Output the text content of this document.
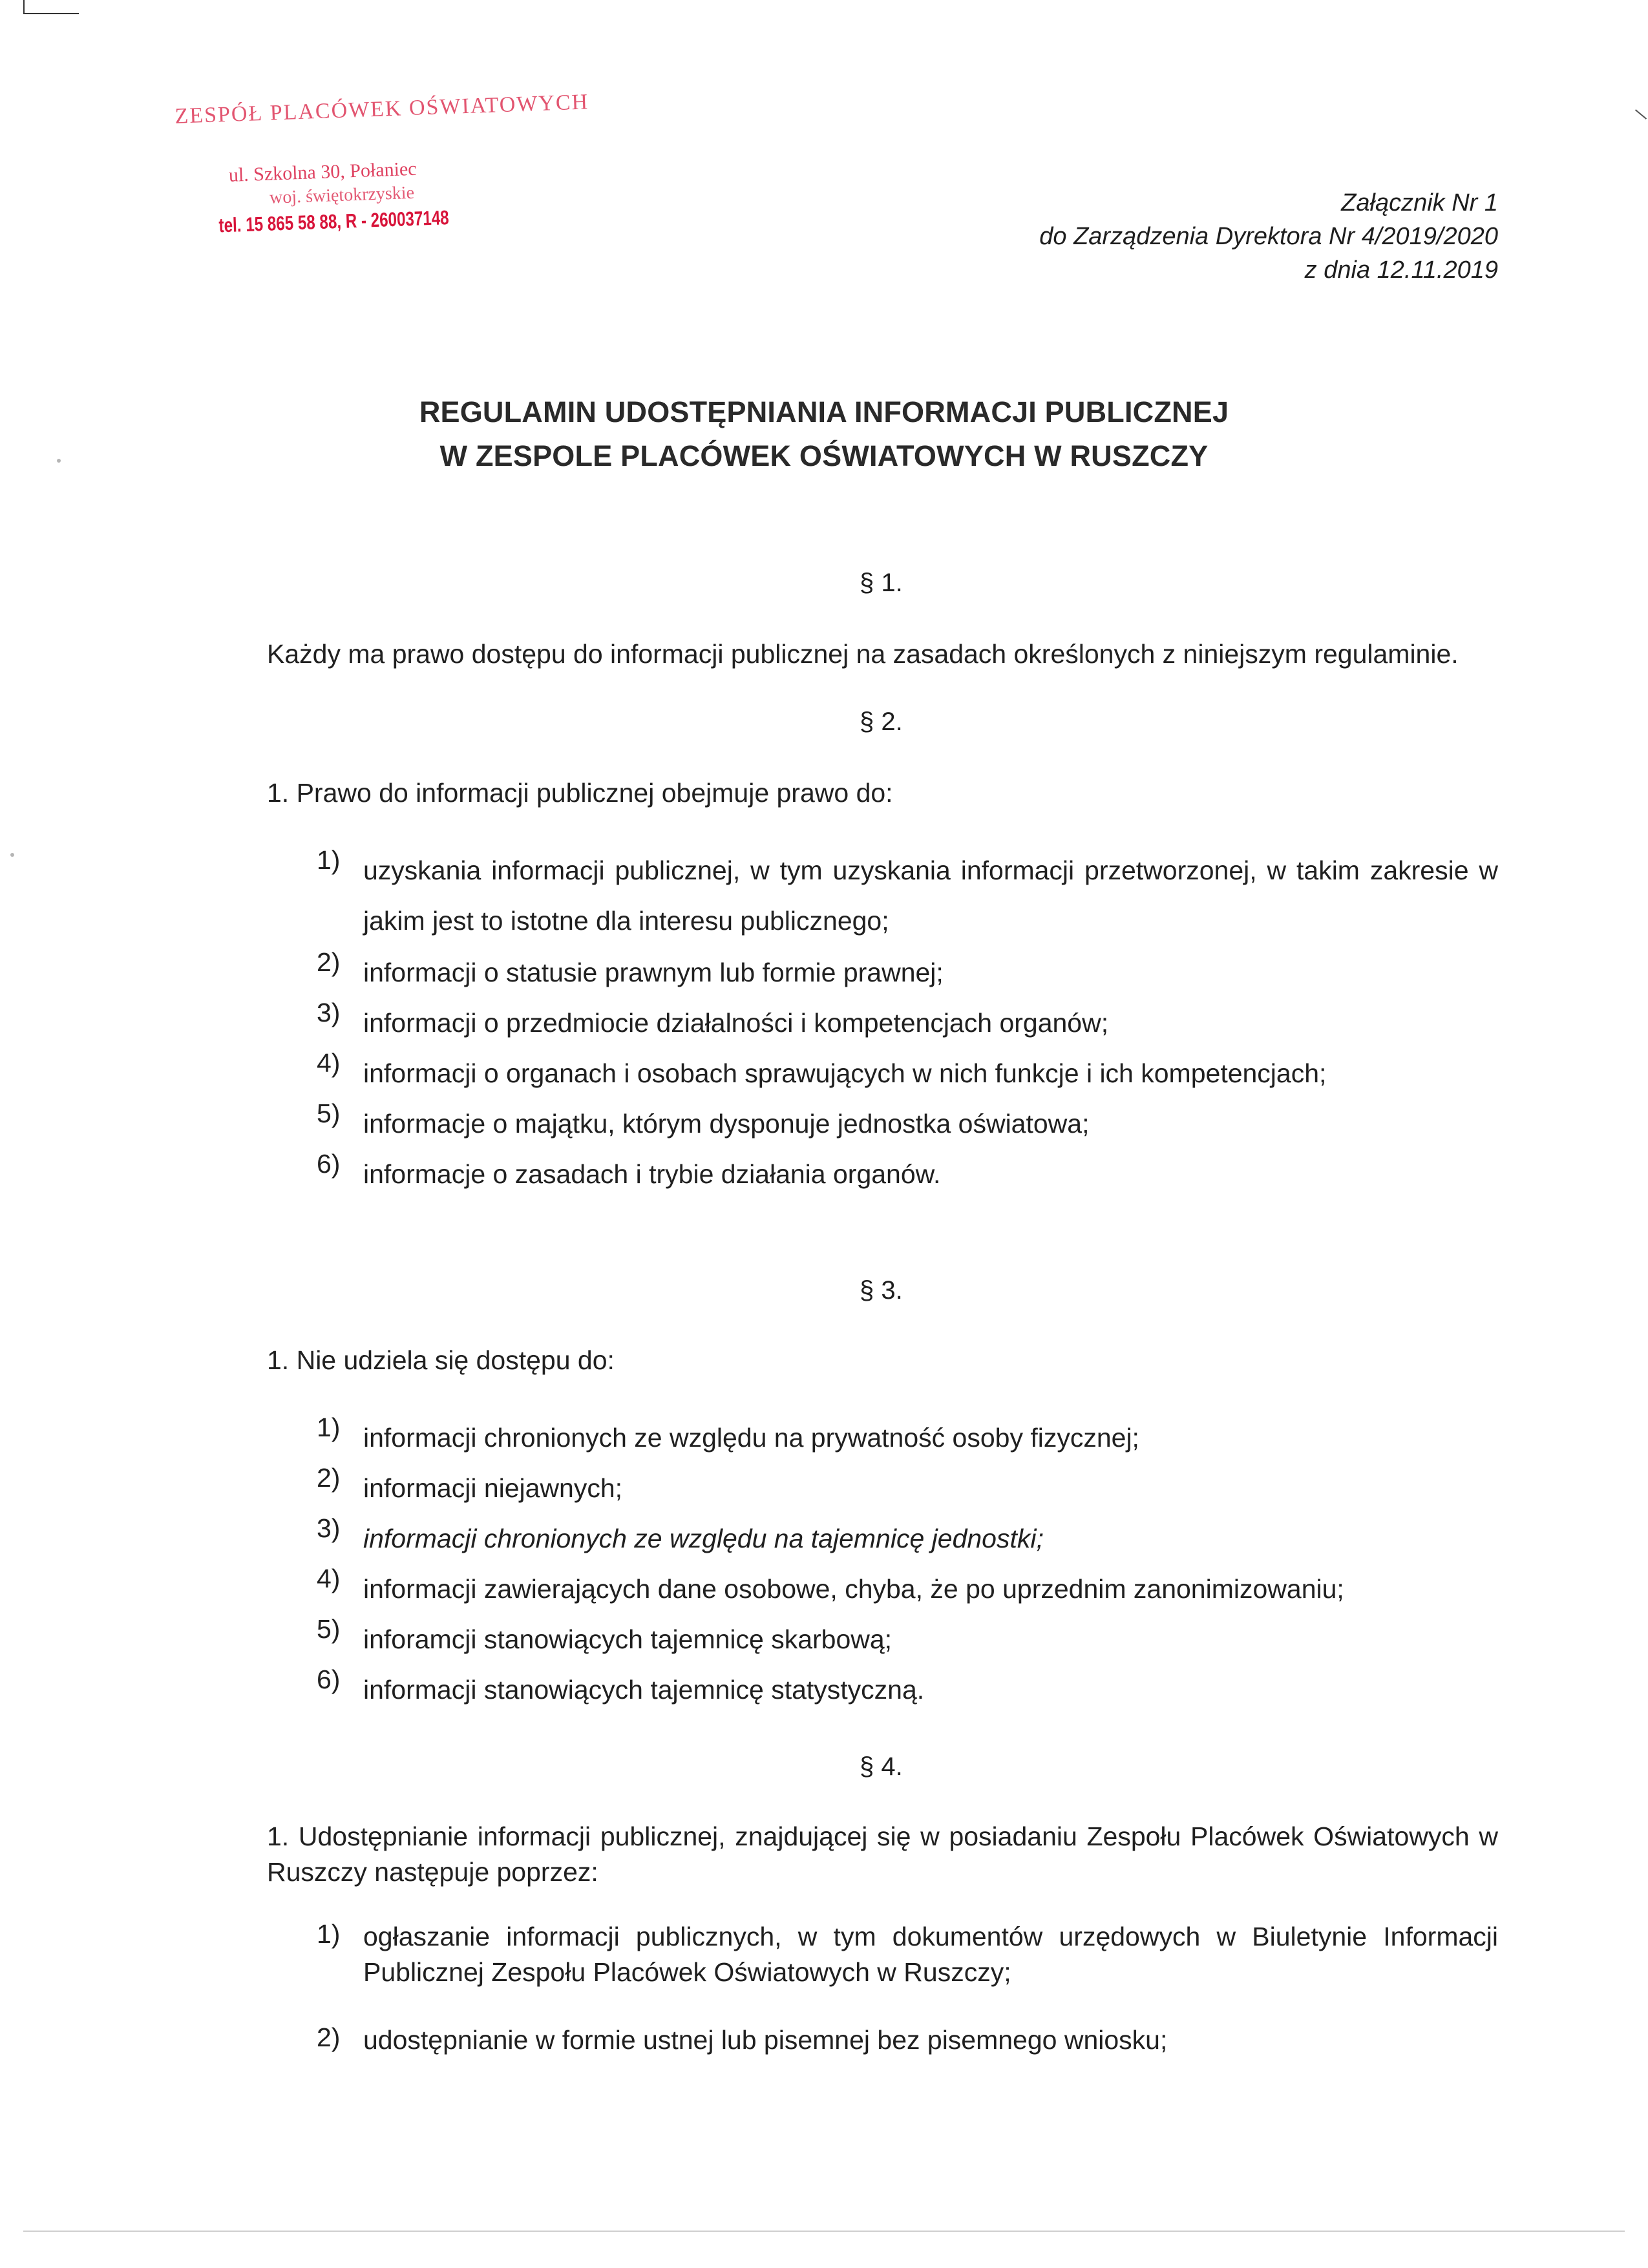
ZESPÓŁ PLACÓWEK OŚWIATOWYCH
ul. Szkolna 30, Połaniec
woj. świętokrzyskie
tel. 15 865 58 88, R - 260037148
Załącznik Nr 1
do Zarządzenia Dyrektora Nr 4/2019/2020
z dnia 12.11.2019
REGULAMIN UDOSTĘPNIANIA INFORMACJI PUBLICZNEJ
W ZESPOLE PLACÓWEK OŚWIATOWYCH W RUSZCZY
§ 1.
Każdy ma prawo dostępu do informacji publicznej na zasadach określonych z niniejszym regulaminie.
§ 2.
1. Prawo do informacji publicznej obejmuje prawo do:
1) uzyskania informacji publicznej, w tym uzyskania informacji przetworzonej, w takim zakresie w jakim jest to istotne dla interesu publicznego;
2) informacji o statusie prawnym lub formie prawnej;
3) informacji o przedmiocie działalności i kompetencjach organów;
4) informacji o organach i osobach sprawujących w nich funkcje i ich kompetencjach;
5) informacje o majątku, którym dysponuje jednostka oświatowa;
6) informacje o zasadach i trybie działania organów.
§ 3.
1. Nie udziela się dostępu do:
1) informacji chronionych ze względu na prywatność osoby fizycznej;
2) informacji niejawnych;
3) informacji chronionych ze względu na tajemnicę jednostki;
4) informacji zawierających dane osobowe, chyba, że po uprzednim zanonimizowaniu;
5) inforamcji stanowiących tajemnicę skarbową;
6) informacji stanowiących tajemnicę statystyczną.
§ 4.
1. Udostępnianie informacji publicznej, znajdującej się w posiadaniu Zespołu Placówek Oświatowych w Ruszczy następuje poprzez:
1) ogłaszanie informacji publicznych, w tym dokumentów urzędowych w Biuletynie Informacji Publicznej Zespołu Placówek Oświatowych w Ruszczy;
2) udostępnianie w formie ustnej lub pisemnej bez pisemnego wniosku;
